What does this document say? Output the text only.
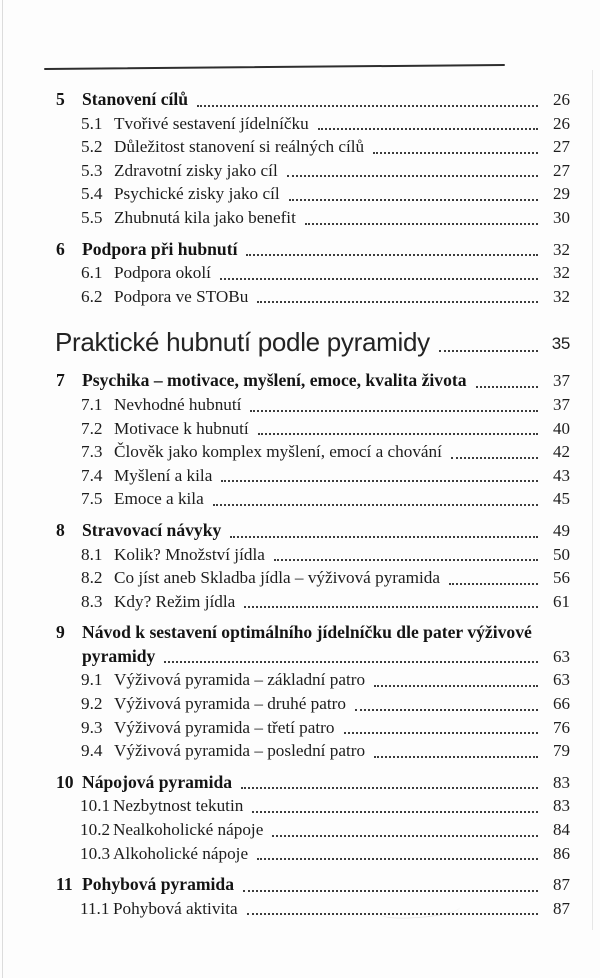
5 Stanovení cílů	26
5.1 Tvořivé sestavení jídelníčku	26
5.2 Důležitost stanovení si reálných cílů	27
5.3 Zdravotní zisky jako cíl	27
5.4 Psychické zisky jako cíl	29
5.5 Zhubnutá kila jako benefit	30
6 Podpora při hubnutí	32
6.1 Podpora okolí	32
6.2 Podpora ve STOBu	32
Praktické hubnutí podle pyramidy	35
7 Psychika – motivace, myšlení, emoce, kvalita života	37
7.1 Nevhodné hubnutí	37
7.2 Motivace k hubnutí	40
7.3 Člověk jako komplex myšlení, emocí a chování	42
7.4 Myšlení a kila	43
7.5 Emoce a kila	45
8 Stravovací návyky	49
8.1 Kolik? Množství jídla	50
8.2 Co jíst aneb Skladba jídla – výživová pyramida	56
8.3 Kdy? Režim jídla	61
9 Návod k sestavení optimálního jídelníčku dle pater výživové
pyramidy	63
9.1 Výživová pyramida – základní patro	63
9.2 Výživová pyramida – druhé patro	66
9.3 Výživová pyramida – třetí patro	76
9.4 Výživová pyramida – poslední patro	79
10 Nápojová pyramida	83
10.1 Nezbytnost tekutin	83
10.2 Nealkoholické nápoje	84
10.3 Alkoholické nápoje	86
11 Pohybová pyramida	87
11.1 Pohybová aktivita	87
